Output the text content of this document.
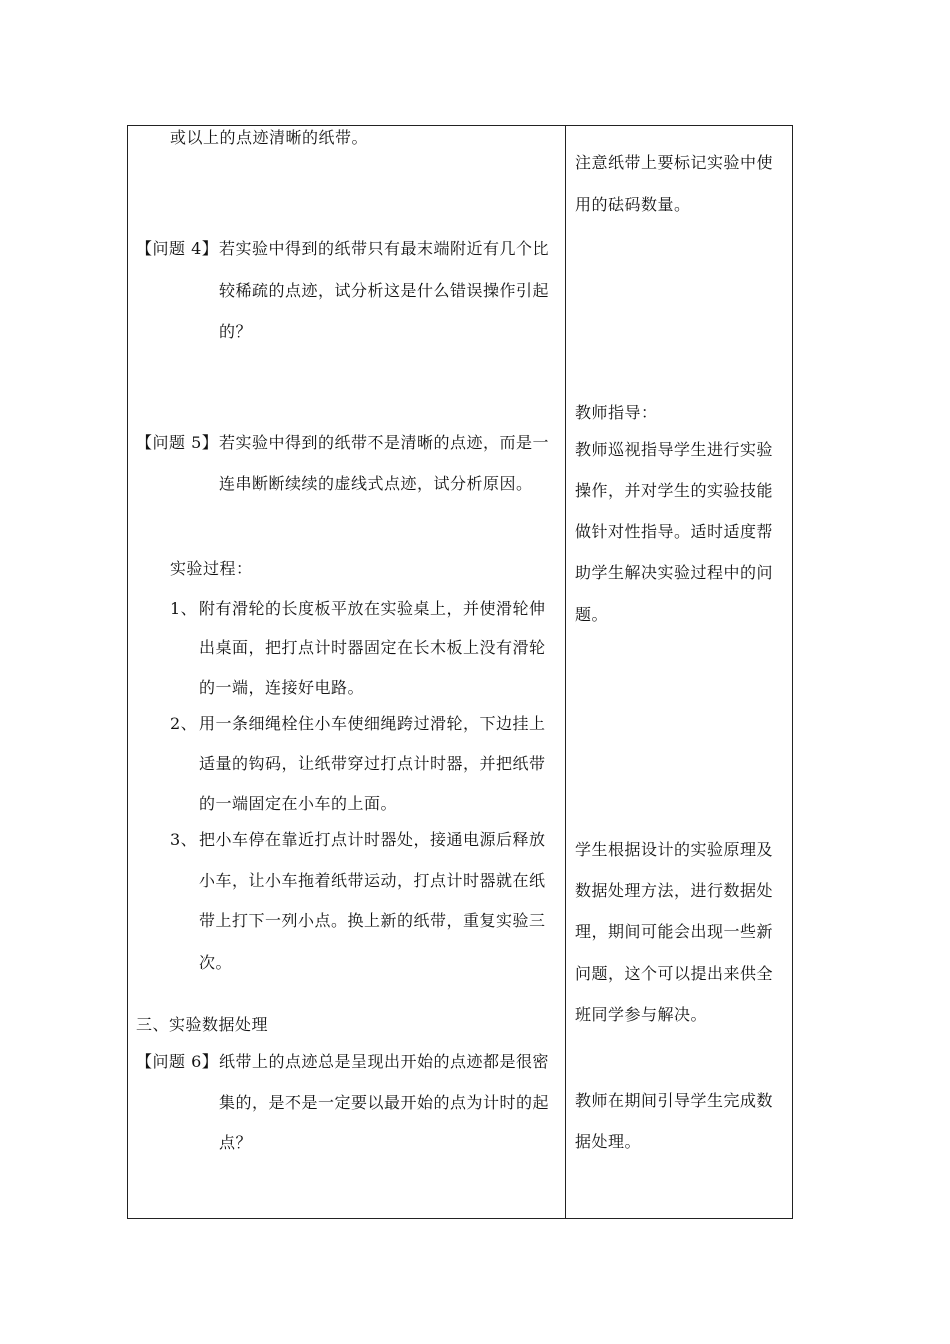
或以上的点迹清晰的纸带。
【问题 4】 若实验中得到的纸带只有最末端附近有几个比
较稀疏的点迹，试分析这是什么错误操作引起
的？
【问题 5】 若实验中得到的纸带不是清晰的点迹，而是一
连串断断续续的虚线式点迹，试分析原因。
实验过程：
1、 附有滑轮的长度板平放在实验桌上，并使滑轮伸
出桌面，把打点计时器固定在长木板上没有滑轮
的一端，连接好电路。
2、 用一条细绳栓住小车使细绳跨过滑轮，下边挂上
适量的钩码，让纸带穿过打点计时器，并把纸带
的一端固定在小车的上面。
3、 把小车停在靠近打点计时器处，接通电源后释放
小车，让小车拖着纸带运动，打点计时器就在纸
带上打下一列小点。换上新的纸带，重复实验三
次。
三、实验数据处理
【问题 6】 纸带上的点迹总是呈现出开始的点迹都是很密
集的，是不是一定要以最开始的点为计时的起
点？
注意纸带上要标记实验中使
用的砝码数量。
教师指导：
教师巡视指导学生进行实验
操作，并对学生的实验技能
做针对性指导。适时适度帮
助学生解决实验过程中的问
题。
学生根据设计的实验原理及
数据处理方法，进行数据处
理，期间可能会出现一些新
问题，这个可以提出来供全
班同学参与解决。
教师在期间引导学生完成数
据处理。
